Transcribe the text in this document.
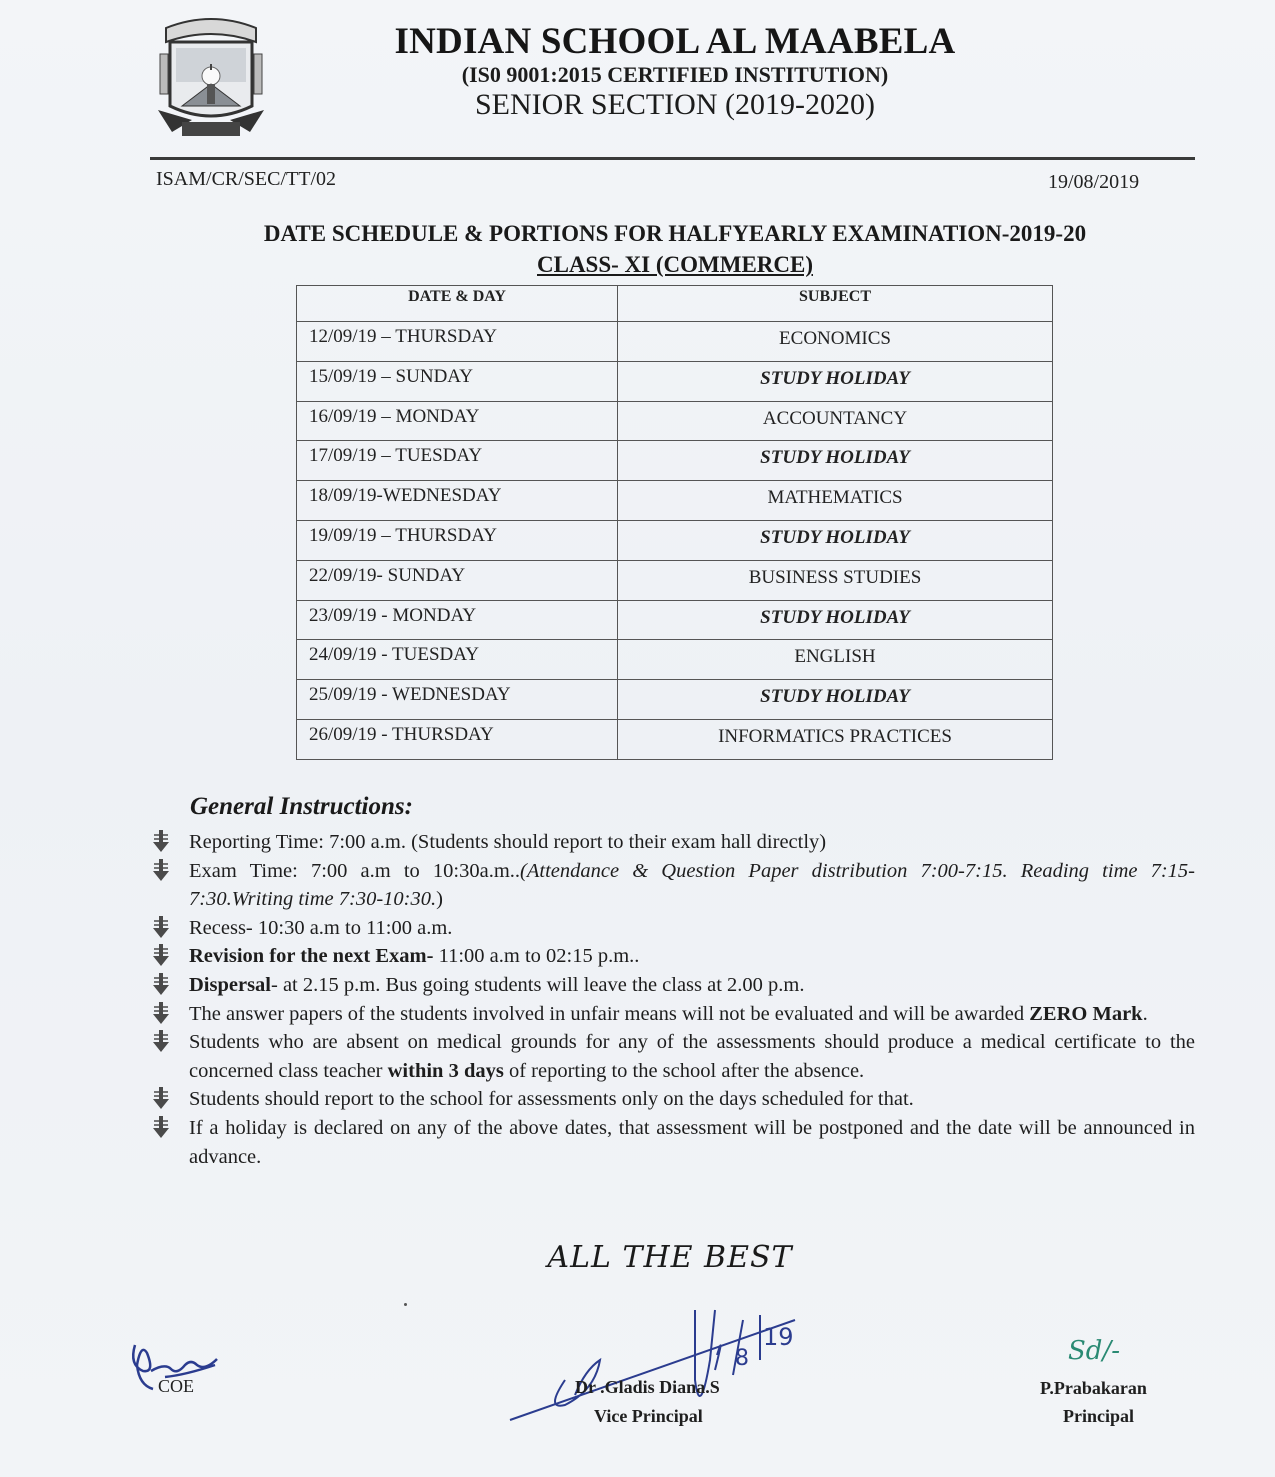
INDIAN SCHOOL AL MAABELA
(IS0 9001:2015 CERTIFIED INSTITUTION)
SENIOR SECTION (2019-2020)
ISAM/CR/SEC/TT/02	19/08/2019
DATE SCHEDULE & PORTIONS FOR HALFYEARLY EXAMINATION-2019-20
CLASS- XI (COMMERCE)
DATE & DAY	SUBJECT
12/09/19 – THURSDAY	ECONOMICS
15/09/19 – SUNDAY	STUDY HOLIDAY
16/09/19 – MONDAY	ACCOUNTANCY
17/09/19 – TUESDAY	STUDY HOLIDAY
18/09/19-WEDNESDAY	MATHEMATICS
19/09/19 – THURSDAY	STUDY HOLIDAY
22/09/19- SUNDAY	BUSINESS STUDIES
23/09/19 - MONDAY	STUDY HOLIDAY
24/09/19 - TUESDAY	ENGLISH
25/09/19 - WEDNESDAY	STUDY HOLIDAY
26/09/19 - THURSDAY	INFORMATICS PRACTICES
General Instructions:
Reporting Time: 7:00 a.m. (Students should report to their exam hall directly)
Exam Time: 7:00 a.m to 10:30a.m..(Attendance & Question Paper distribution 7:00-7:15. Reading time 7:15-7:30.Writing time 7:30-10:30.)
Recess- 10:30 a.m to 11:00 a.m.
Revision for the next Exam- 11:00 a.m to 02:15 p.m..
Dispersal- at 2.15 p.m. Bus going students will leave the class at 2.00 p.m.
The answer papers of the students involved in unfair means will not be evaluated and will be awarded ZERO Mark.
Students who are absent on medical grounds for any of the assessments should produce a medical certificate to the concerned class teacher within 3 days of reporting to the school after the absence.
Students should report to the school for assessments only on the days scheduled for that.
If a holiday is declared on any of the above dates, that assessment will be postponed and the date will be announced in advance.
ALL THE BEST
COE
19
8
Dr .Gladis Diana.S
Vice Principal
Sd/-
P.Prabakaran
Principal
